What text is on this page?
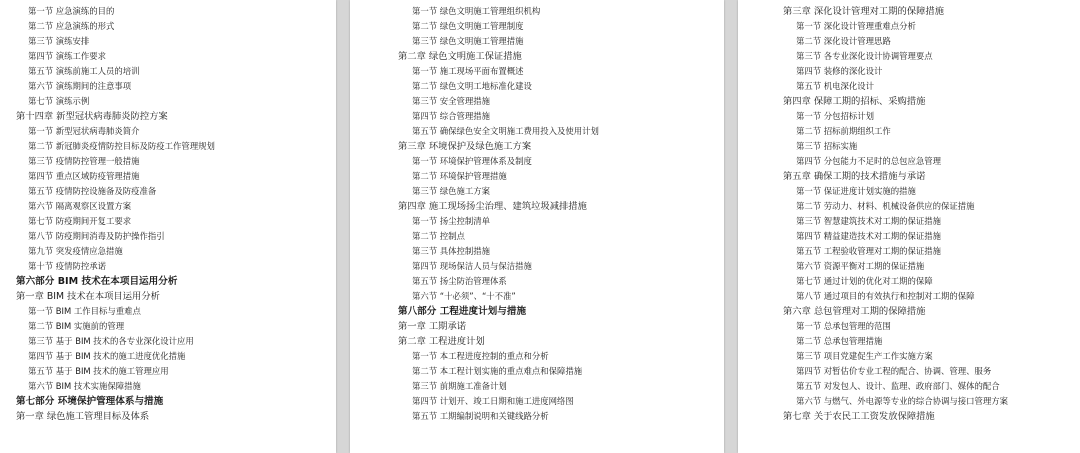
第一节 应急演练的目的
第二节 应急演练的形式
第三节 演练安排
第四节 演练工作要求
第五节 演练前施工人员的培训
第六节 演练期间的注意事项
第七节 演练示例
第十四章 新型冠状病毒肺炎防控方案
第一节 新型冠状病毒肺炎简介
第二节 新冠肺炎疫情防控目标及防疫工作管理规划
第三节 疫情防控管理一般措施
第四节 重点区域防疫管理措施
第五节 疫情防控设施备及防疫准备
第六节 隔离观察区设置方案
第七节 防疫期间开复工要求
第八节 防疫期间消毒及防护操作指引
第九节 突发疫情应急措施
第十节 疫情防控承诺
第六部分 BIM 技术在本项目运用分析
第一章 BIM 技术在本项目运用分析
第一节 BIM 工作目标与重难点
第二节 BIM 实施前的管理
第三节 基于 BIM 技术的各专业深化设计应用
第四节 基于 BIM 技术的施工进度优化措施
第五节 基于 BIM 技术的施工管理应用
第六节 BIM 技术实施保障措施
第七部分 环境保护管理体系与措施
第一章 绿色施工管理目标及体系
第一节 绿色文明施工管理组织机构
第二节 绿色文明施工管理制度
第三节 绿色文明施工管理措施
第二章 绿色文明施工保证措施
第一节 施工现场平面布置概述
第二节 绿色文明工地标准化建设
第三节 安全管理措施
第四节 综合管理措施
第五节 确保绿色安全文明施工费用投入及使用计划
第三章 环境保护及绿色施工方案
第一节 环境保护管理体系及制度
第二节 环境保护管理措施
第三节 绿色施工方案
第四章 施工现场扬尘治理、建筑垃圾减排措施
第一节 扬尘控制清单
第二节 控制点
第三节 具体控制措施
第四节 现场保洁人员与保洁措施
第五节 扬尘防治管理体系
第六节 “十必须”、“十不准”
第八部分 工程进度计划与措施
第一章 工期承诺
第二章 工程进度计划
第一节 本工程进度控制的重点和分析
第二节 本工程计划实施的重点难点和保障措施
第三节 前期施工准备计划
第四节 计划开、竣工日期和施工进度网络图
第五节 工期编制说明和关键线路分析
第三章 深化设计管理对工期的保障措施
第一节 深化设计管理重难点分析
第二节 深化设计管理思路
第三节 各专业深化设计协调管理要点
第四节 装修的深化设计
第五节 机电深化设计
第四章 保障工期的招标、采购措施
第一节 分包招标计划
第二节 招标前期组织工作
第三节 招标实施
第四节 分包能力不足时的总包应急管理
第五章 确保工期的技术措施与承诺
第一节 保证进度计划实施的措施
第二节 劳动力、材料、机械设备供应的保证措施
第三节 智慧建筑技术对工期的保证措施
第四节 精益建造技术对工期的保证措施
第五节 工程验收管理对工期的保证措施
第六节 资源平衡对工期的保证措施
第七节 通过计划的优化对工期的保障
第八节 通过项目的有效执行和控制对工期的保障
第六章 总包管理对工期的保障措施
第一节 总承包管理的范围
第二节 总承包管理措施
第三节 项目党建促生产工作实施方案
第四节 对暂估价专业工程的配合、协调、管理、服务
第五节 对发包人、设计、监理、政府部门、媒体的配合
第六节 与燃气、外电源等专业的综合协调与接口管理方案
第七章 关于农民工工资发放保障措施
